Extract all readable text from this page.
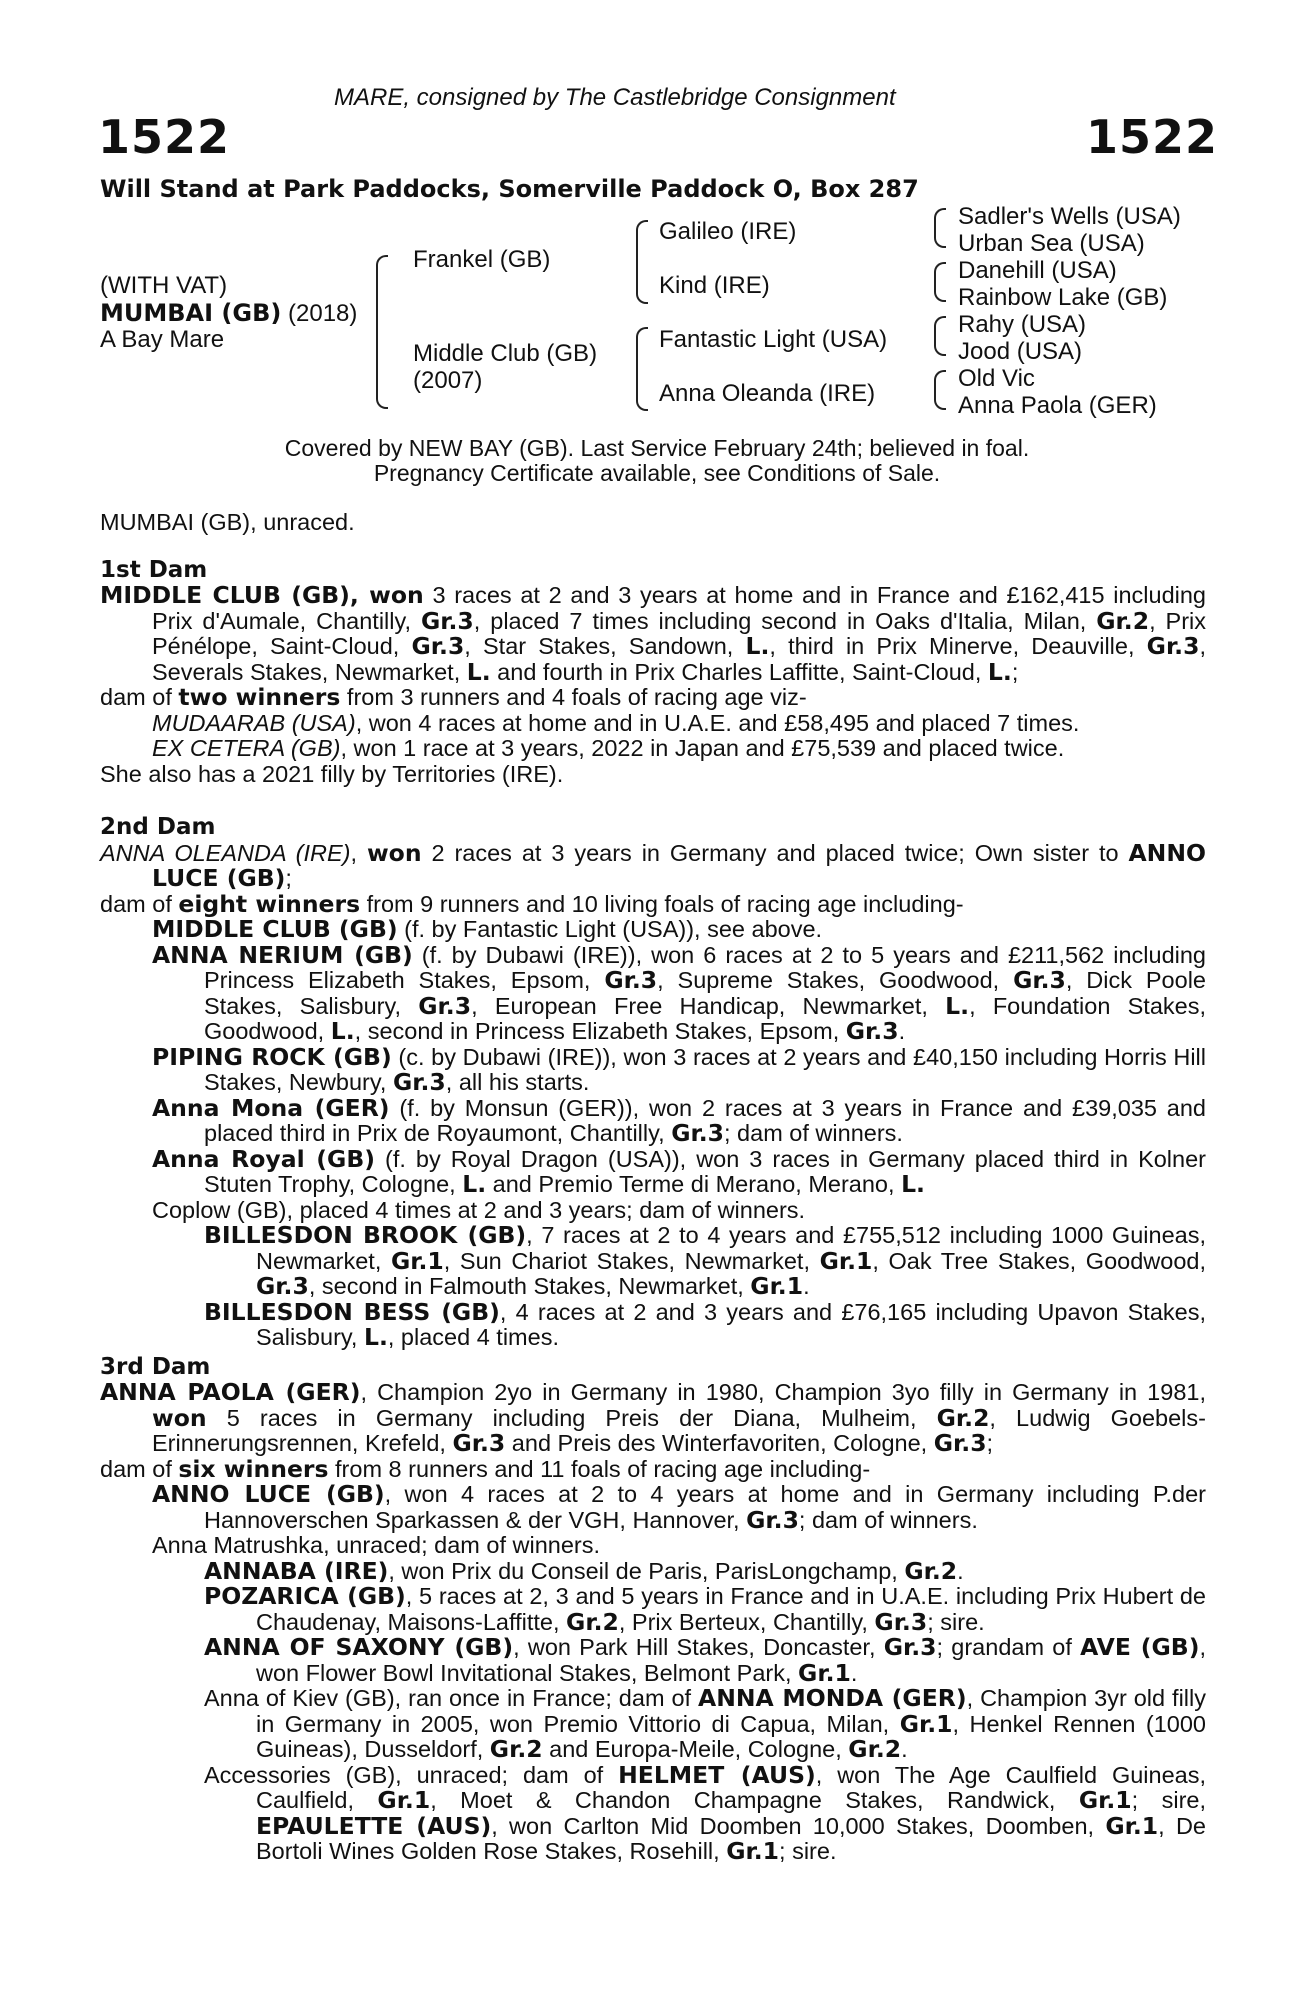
MARE, consigned by The Castlebridge Consignment
1522	1522
Will Stand at Park Paddocks, Somerville Paddock O, Box 287
(WITH VAT)
MUMBAI (GB) (2018)
A Bay Mare
Frankel (GB)
Middle Club (GB)
(2007)
Galileo (IRE)
Kind (IRE)
Fantastic Light (USA)
Anna Oleanda (IRE)
Sadler's Wells (USA)
Urban Sea (USA)
Danehill (USA)
Rainbow Lake (GB)
Rahy (USA)
Jood (USA)
Old Vic
Anna Paola (GER)
Covered by NEW BAY (GB). Last Service February 24th; believed in foal.
Pregnancy Certificate available, see Conditions of Sale.
MUMBAI (GB), unraced.
1st Dam
MIDDLE CLUB (GB), won 3 races at 2 and 3 years at home and in France and £162,415 including Prix d'Aumale, Chantilly, Gr.3, placed 7 times including second in Oaks d'Italia, Milan, Gr.2, Prix Pénélope, Saint-Cloud, Gr.3, Star Stakes, Sandown, L., third in Prix Minerve, Deauville, Gr.3, Severals Stakes, Newmarket, L. and fourth in Prix Charles Laffitte, Saint-Cloud, L.;
dam of two winners from 3 runners and 4 foals of racing age viz-
MUDAARAB (USA), won 4 races at home and in U.A.E. and £58,495 and placed 7 times.
EX CETERA (GB), won 1 race at 3 years, 2022 in Japan and £75,539 and placed twice.
She also has a 2021 filly by Territories (IRE).
2nd Dam
ANNA OLEANDA (IRE), won 2 races at 3 years in Germany and placed twice; Own sister to ANNO LUCE (GB);
dam of eight winners from 9 runners and 10 living foals of racing age including-
MIDDLE CLUB (GB) (f. by Fantastic Light (USA)), see above.
ANNA NERIUM (GB) (f. by Dubawi (IRE)), won 6 races at 2 to 5 years and £211,562 including Princess Elizabeth Stakes, Epsom, Gr.3, Supreme Stakes, Goodwood, Gr.3, Dick Poole Stakes, Salisbury, Gr.3, European Free Handicap, Newmarket, L., Foundation Stakes, Goodwood, L., second in Princess Elizabeth Stakes, Epsom, Gr.3.
PIPING ROCK (GB) (c. by Dubawi (IRE)), won 3 races at 2 years and £40,150 including Horris Hill Stakes, Newbury, Gr.3, all his starts.
Anna Mona (GER) (f. by Monsun (GER)), won 2 races at 3 years in France and £39,035 and placed third in Prix de Royaumont, Chantilly, Gr.3; dam of winners.
Anna Royal (GB) (f. by Royal Dragon (USA)), won 3 races in Germany placed third in Kolner Stuten Trophy, Cologne, L. and Premio Terme di Merano, Merano, L.
Coplow (GB), placed 4 times at 2 and 3 years; dam of winners.
BILLESDON BROOK (GB), 7 races at 2 to 4 years and £755,512 including 1000 Guineas, Newmarket, Gr.1, Sun Chariot Stakes, Newmarket, Gr.1, Oak Tree Stakes, Goodwood, Gr.3, second in Falmouth Stakes, Newmarket, Gr.1.
BILLESDON BESS (GB), 4 races at 2 and 3 years and £76,165 including Upavon Stakes, Salisbury, L., placed 4 times.
3rd Dam
ANNA PAOLA (GER), Champion 2yo in Germany in 1980, Champion 3yo filly in Germany in 1981, won 5 races in Germany including Preis der Diana, Mulheim, Gr.2, Ludwig Goebels-Erinnerungsrennen, Krefeld, Gr.3 and Preis des Winterfavoriten, Cologne, Gr.3;
dam of six winners from 8 runners and 11 foals of racing age including-
ANNO LUCE (GB), won 4 races at 2 to 4 years at home and in Germany including P.der Hannoverschen Sparkassen & der VGH, Hannover, Gr.3; dam of winners.
Anna Matrushka, unraced; dam of winners.
ANNABA (IRE), won Prix du Conseil de Paris, ParisLongchamp, Gr.2.
POZARICA (GB), 5 races at 2, 3 and 5 years in France and in U.A.E. including Prix Hubert de Chaudenay, Maisons-Laffitte, Gr.2, Prix Berteux, Chantilly, Gr.3; sire.
ANNA OF SAXONY (GB), won Park Hill Stakes, Doncaster, Gr.3; grandam of AVE (GB), won Flower Bowl Invitational Stakes, Belmont Park, Gr.1.
Anna of Kiev (GB), ran once in France; dam of ANNA MONDA (GER), Champion 3yr old filly in Germany in 2005, won Premio Vittorio di Capua, Milan, Gr.1, Henkel Rennen (1000 Guineas), Dusseldorf, Gr.2 and Europa-Meile, Cologne, Gr.2.
Accessories (GB), unraced; dam of HELMET (AUS), won The Age Caulfield Guineas, Caulfield, Gr.1, Moet & Chandon Champagne Stakes, Randwick, Gr.1; sire, EPAULETTE (AUS), won Carlton Mid Doomben 10,000 Stakes, Doomben, Gr.1, De Bortoli Wines Golden Rose Stakes, Rosehill, Gr.1; sire.
